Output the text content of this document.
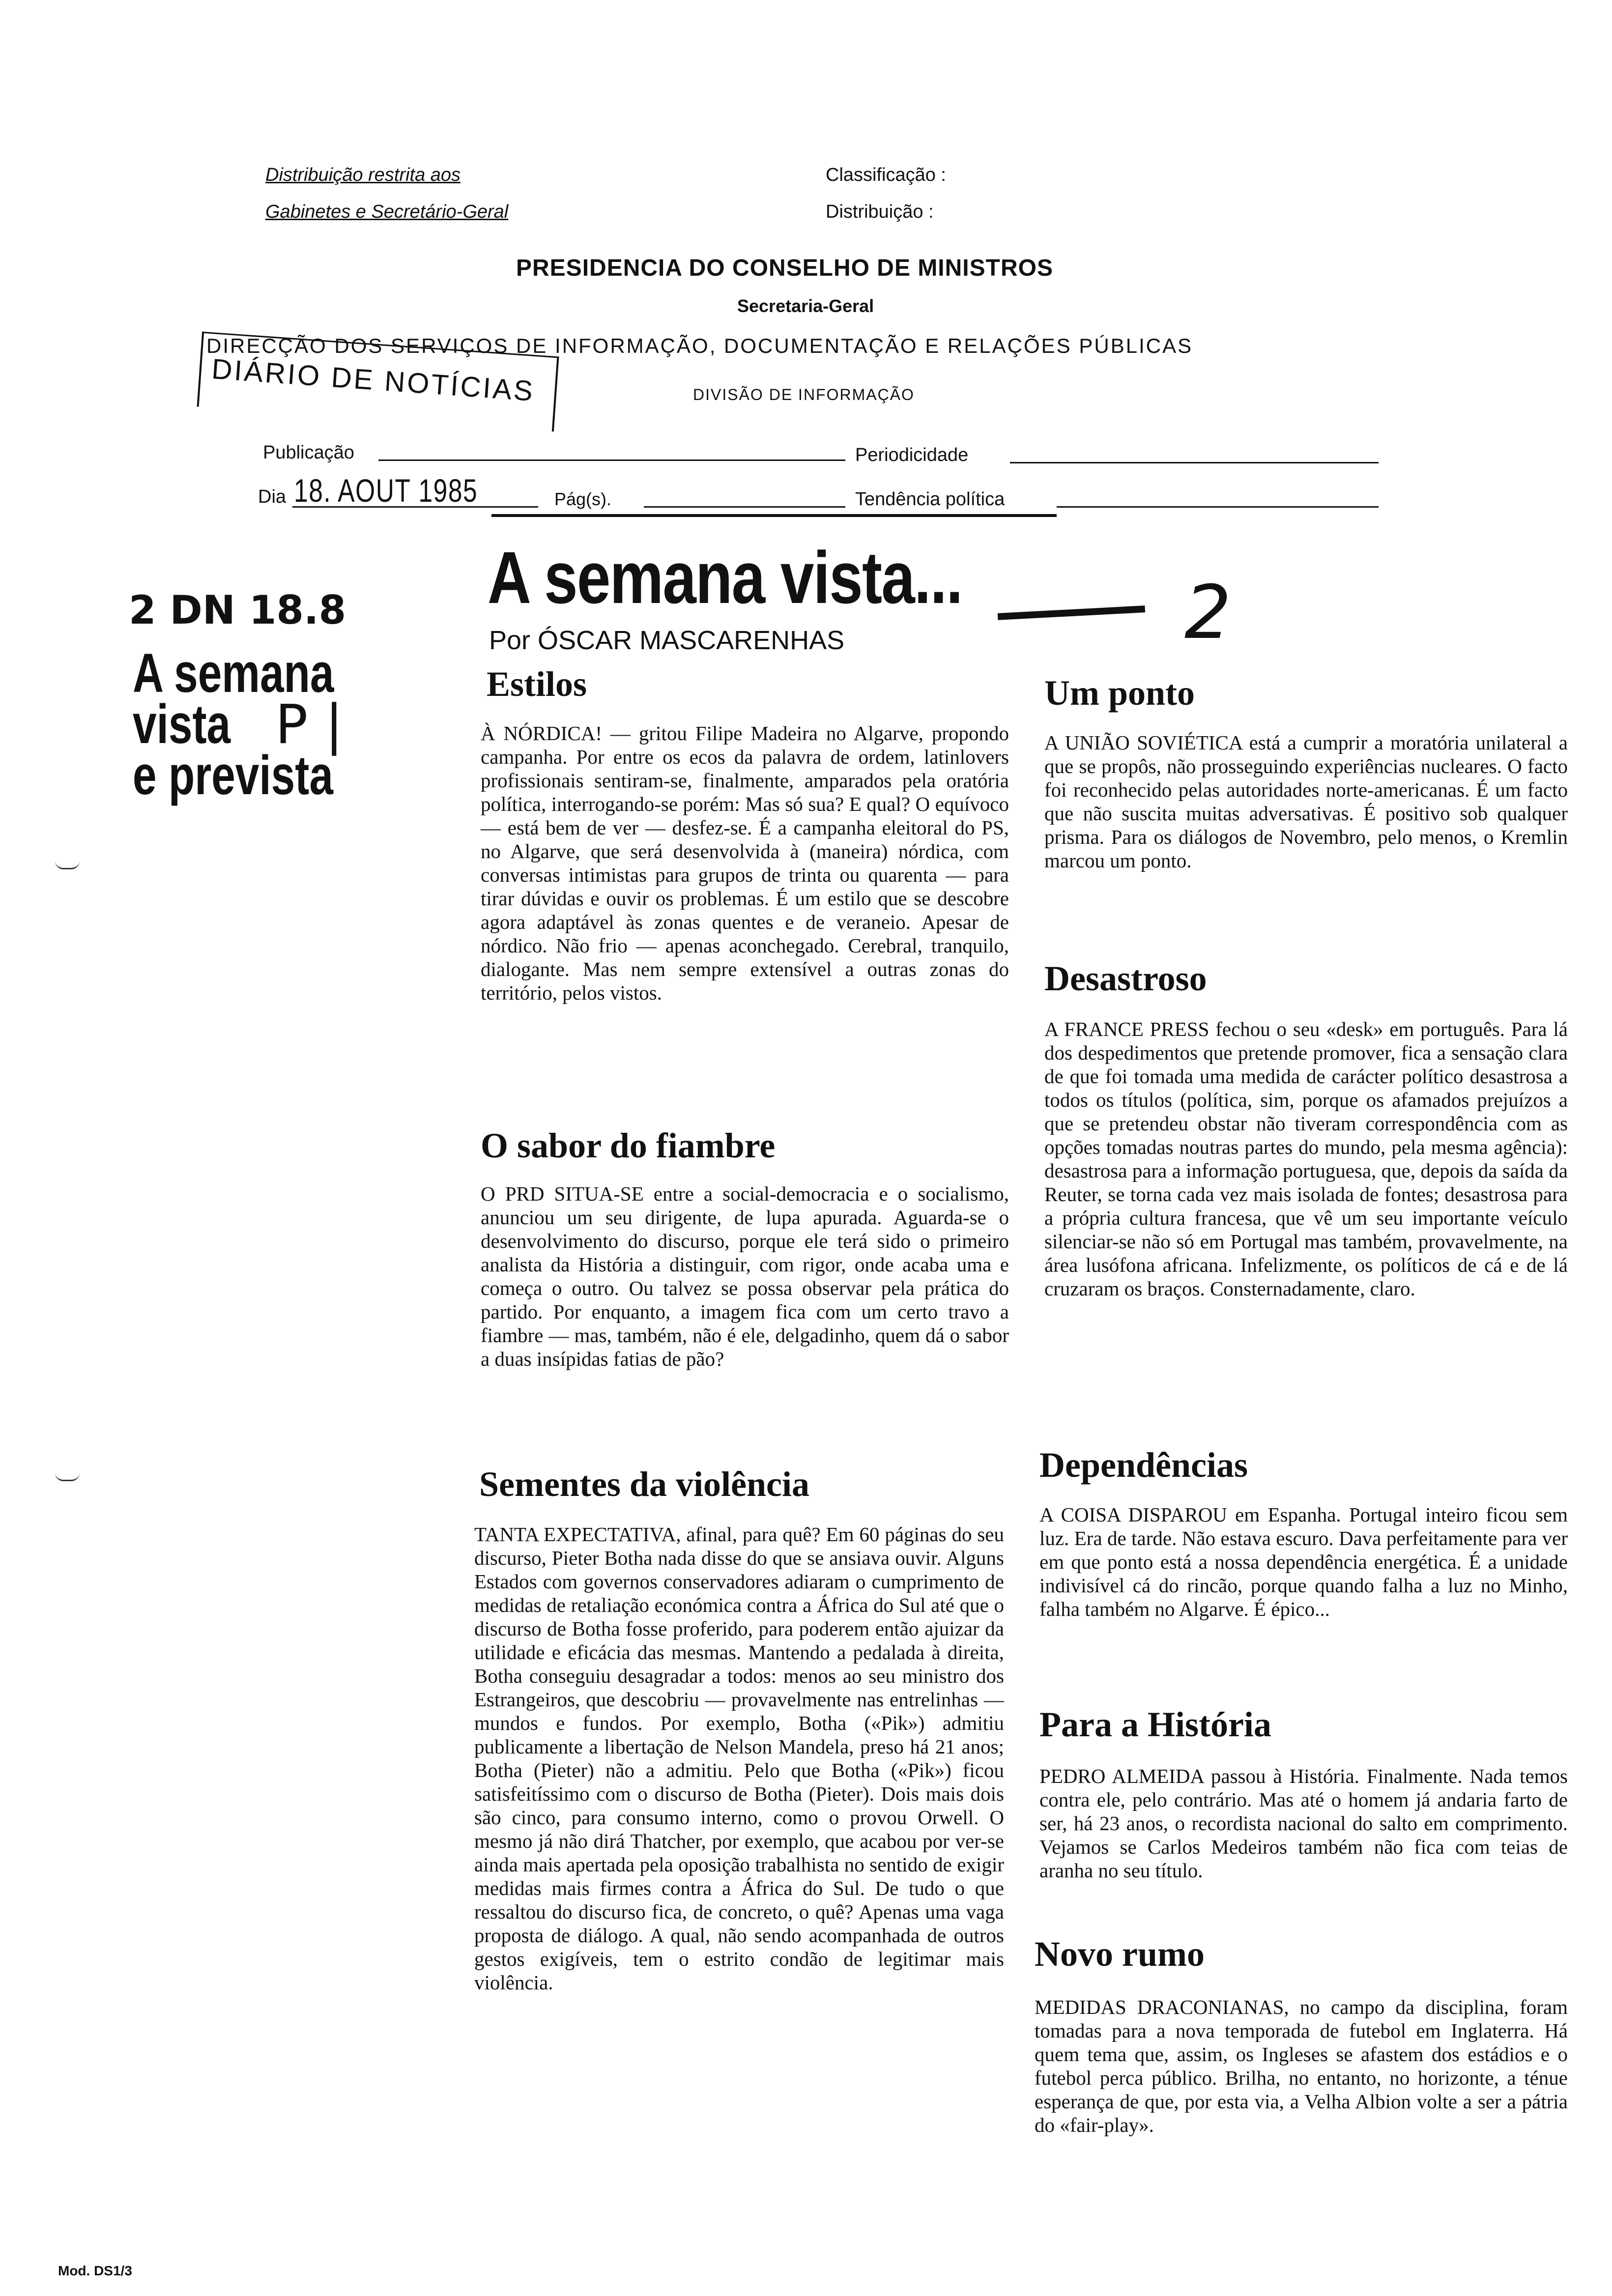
Distribuição restrita aos
Gabinetes e Secretário-Geral
Classificação :
Distribuição :
PRESIDENCIA DO CONSELHO DE MINISTROS
Secretaria-Geral
DIRECÇÃO DOS SERVIÇOS DE INFORMAÇÃO, DOCUMENTAÇÃO E RELAÇÕES PÚBLICAS
DIÁRIO DE NOTÍCIAS	DIVISÃO DE INFORMAÇÃO
Publicação	Periodicidade
Dia 18. AOUT 1985	Pág(s).	Tendência política
2 DN 18.8
A semana
vista
e prevista
P |
A semana vista...	2
Por ÓSCAR MASCARENHAS
Estilos
À NÓRDICA! — gritou Filipe Madeira no Algarve, propondo campanha. Por entre os ecos da palavra de ordem, latinlovers profissionais sentiram-se, finalmente, amparados pela oratória política, interrogando-se porém: Mas só sua? E qual? O equívoco — está bem de ver — desfez-se. É a campanha eleitoral do PS, no Algarve, que será desenvolvida à (maneira) nórdica, com conversas intimistas para grupos de trinta ou quarenta — para tirar dúvidas e ouvir os problemas. É um estilo que se descobre agora adaptável às zonas quentes e de veraneio. Apesar de nórdico. Não frio — apenas aconchegado. Cerebral, tranquilo, dialogante. Mas nem sempre extensível a outras zonas do território, pelos vistos.
O sabor do fiambre
O PRD SITUA-SE entre a social-democracia e o socialismo, anunciou um seu dirigente, de lupa apurada. Aguarda-se o desenvolvimento do discurso, porque ele terá sido o primeiro analista da História a distinguir, com rigor, onde acaba uma e começa o outro. Ou talvez se possa observar pela prática do partido. Por enquanto, a imagem fica com um certo travo a fiambre — mas, também, não é ele, delgadinho, quem dá o sabor a duas insípidas fatias de pão?
Sementes da violência
TANTA EXPECTATIVA, afinal, para quê? Em 60 páginas do seu discurso, Pieter Botha nada disse do que se ansiava ouvir. Alguns Estados com governos conservadores adiaram o cumprimento de medidas de retaliação económica contra a África do Sul até que o discurso de Botha fosse proferido, para poderem então ajuizar da utilidade e eficácia das mesmas. Mantendo a pedalada à direita, Botha conseguiu desagradar a todos: menos ao seu ministro dos Estrangeiros, que descobriu — provavelmente nas entrelinhas — mundos e fundos. Por exemplo, Botha («Pik») admitiu publicamente a libertação de Nelson Mandela, preso há 21 anos; Botha (Pieter) não a admitiu. Pelo que Botha («Pik») ficou satisfeitíssimo com o discurso de Botha (Pieter). Dois mais dois são cinco, para consumo interno, como o provou Orwell. O mesmo já não dirá Thatcher, por exemplo, que acabou por ver-se ainda mais apertada pela oposição trabalhista no sentido de exigir medidas mais firmes contra a África do Sul. De tudo o que ressaltou do discurso fica, de concreto, o quê? Apenas uma vaga proposta de diálogo. A qual, não sendo acompanhada de outros gestos exigíveis, tem o estrito condão de legitimar mais violência.
Um ponto
A UNIÃO SOVIÉTICA está a cumprir a moratória unilateral a que se propôs, não prosseguindo experiências nucleares. O facto foi reconhecido pelas autoridades norte-americanas. É um facto que não suscita muitas adversativas. É positivo sob qualquer prisma. Para os diálogos de Novembro, pelo menos, o Kremlin marcou um ponto.
Desastroso
A FRANCE PRESS fechou o seu «desk» em português. Para lá dos despedimentos que pretende promover, fica a sensação clara de que foi tomada uma medida de carácter político desastrosa a todos os títulos (política, sim, porque os afamados prejuízos a que se pretendeu obstar não tiveram correspondência com as opções tomadas noutras partes do mundo, pela mesma agência): desastrosa para a informação portuguesa, que, depois da saída da Reuter, se torna cada vez mais isolada de fontes; desastrosa para a própria cultura francesa, que vê um seu importante veículo silenciar-se não só em Portugal mas também, provavelmente, na área lusófona africana. Infelizmente, os políticos de cá e de lá cruzaram os braços. Consternadamente, claro.
Dependências
A COISA DISPAROU em Espanha. Portugal inteiro ficou sem luz. Era de tarde. Não estava escuro. Dava perfeitamente para ver em que ponto está a nossa dependência energética. É a unidade indivisível cá do rincão, porque quando falha a luz no Minho, falha também no Algarve. É épico...
Para a História
PEDRO ALMEIDA passou à História. Finalmente. Nada temos contra ele, pelo contrário. Mas até o homem já andaria farto de ser, há 23 anos, o recordista nacional do salto em comprimento. Vejamos se Carlos Medeiros também não fica com teias de aranha no seu título.
Novo rumo
MEDIDAS DRACONIANAS, no campo da disciplina, foram tomadas para a nova temporada de futebol em Inglaterra. Há quem tema que, assim, os Ingleses se afastem dos estádios e o futebol perca público. Brilha, no entanto, no horizonte, a ténue esperança de que, por esta via, a Velha Albion volte a ser a pátria do «fair-play».
Mod. DS1/3
